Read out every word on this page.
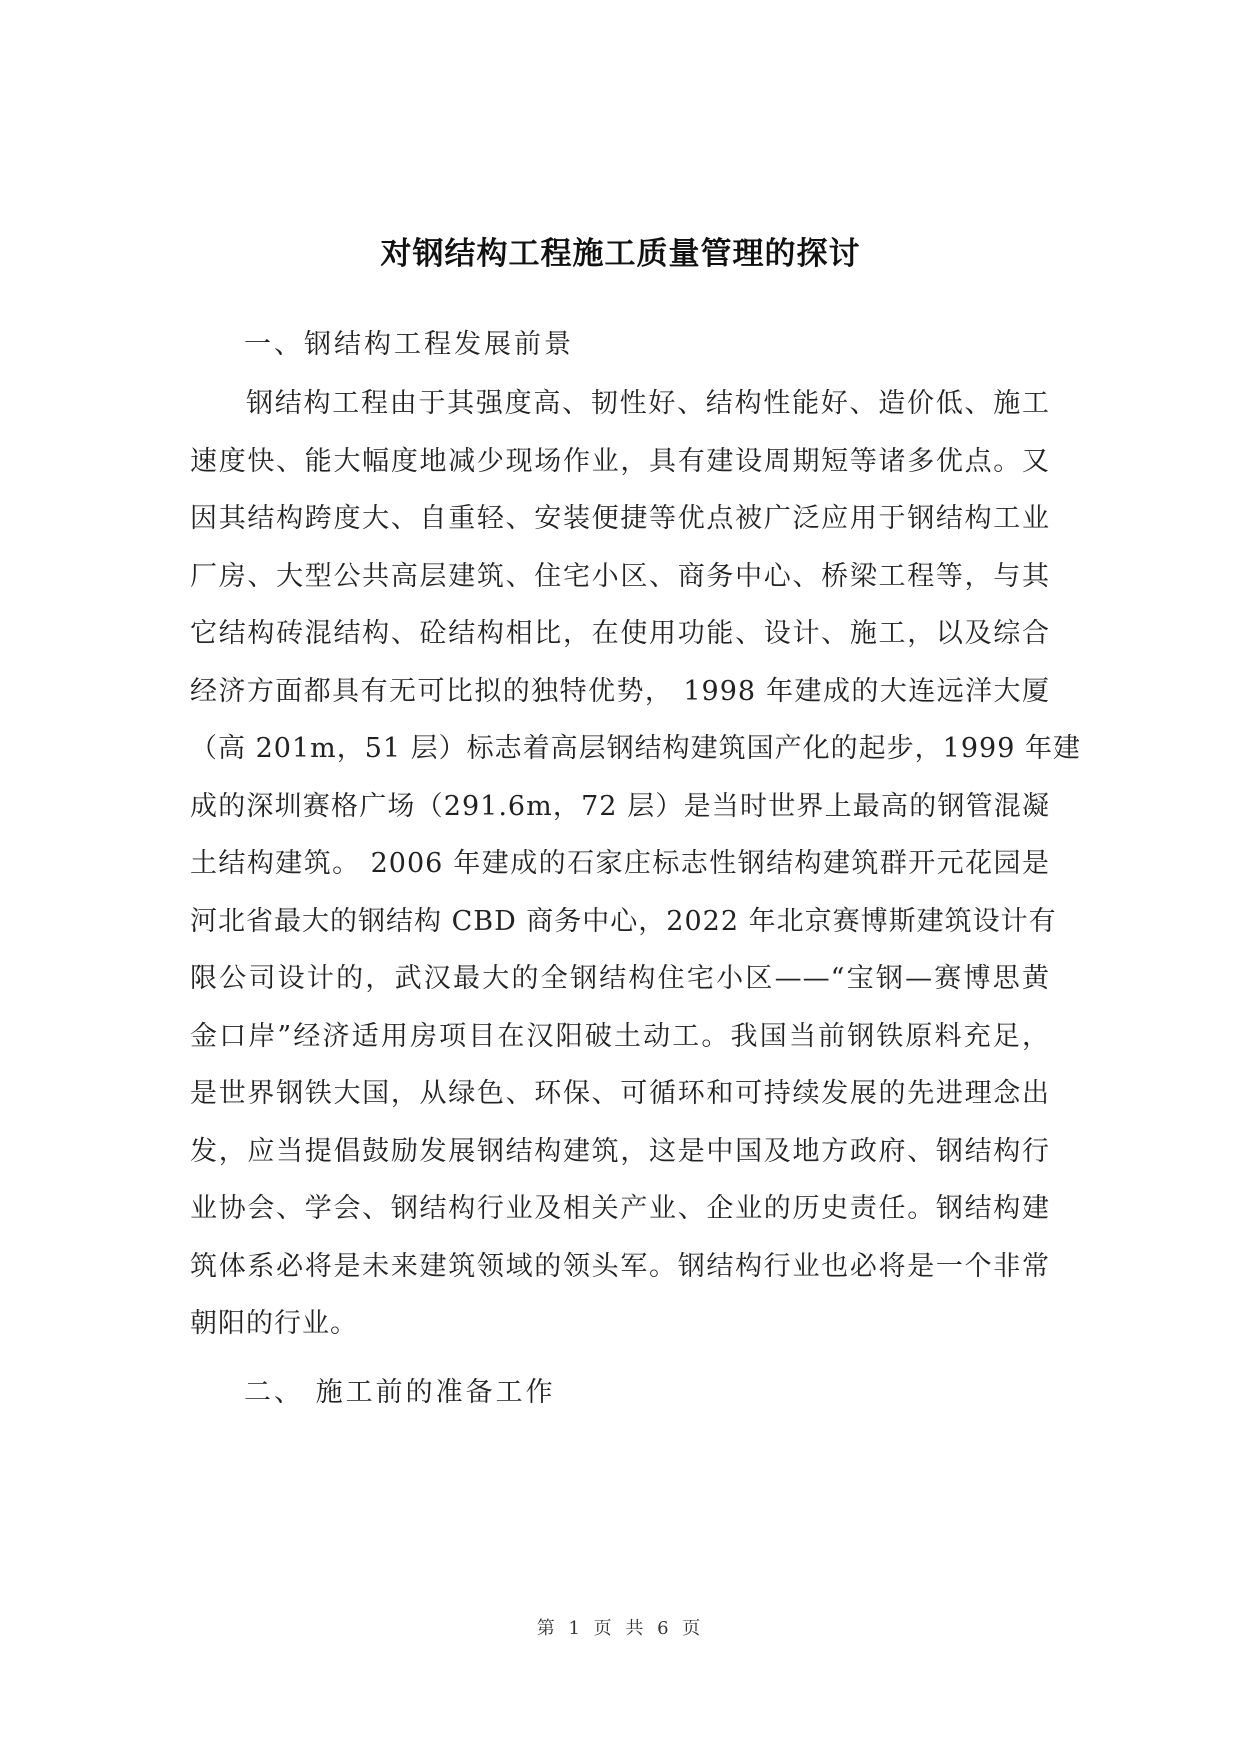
对钢结构工程施工质量管理的探讨
一、钢结构工程发展前景
钢结构工程由于其强度高、韧性好、结构性能好、造价低、施工
速度快、能大幅度地减少现场作业，具有建设周期短等诸多优点。又
因其结构跨度大、自重轻、安装便捷等优点被广泛应用于钢结构工业
厂房、大型公共高层建筑、住宅小区、商务中心、桥梁工程等，与其
它结构砖混结构、砼结构相比，在使用功能、设计、施工，以及综合
经济方面都具有无可比拟的独特优势， 1998 年建成的大连远洋大厦
（高 201m，51 层）标志着高层钢结构建筑国产化的起步，1999 年建
成的深圳赛格广场（291.6m，72 层）是当时世界上最高的钢管混凝
土结构建筑。 2006 年建成的石家庄标志性钢结构建筑群开元花园是
河北省最大的钢结构 CBD 商务中心，2022 年北京赛博斯建筑设计有
限公司设计的，武汉最大的全钢结构住宅小区——“宝钢—赛博思黄
金口岸”经济适用房项目在汉阳破土动工。我国当前钢铁原料充足，
是世界钢铁大国，从绿色、环保、可循环和可持续发展的先进理念出
发，应当提倡鼓励发展钢结构建筑，这是中国及地方政府、钢结构行
业协会、学会、钢结构行业及相关产业、企业的历史责任。钢结构建
筑体系必将是未来建筑领域的领头军。钢结构行业也必将是一个非常
朝阳的行业。
二、 施工前的准备工作
第 1 页 共 6 页
